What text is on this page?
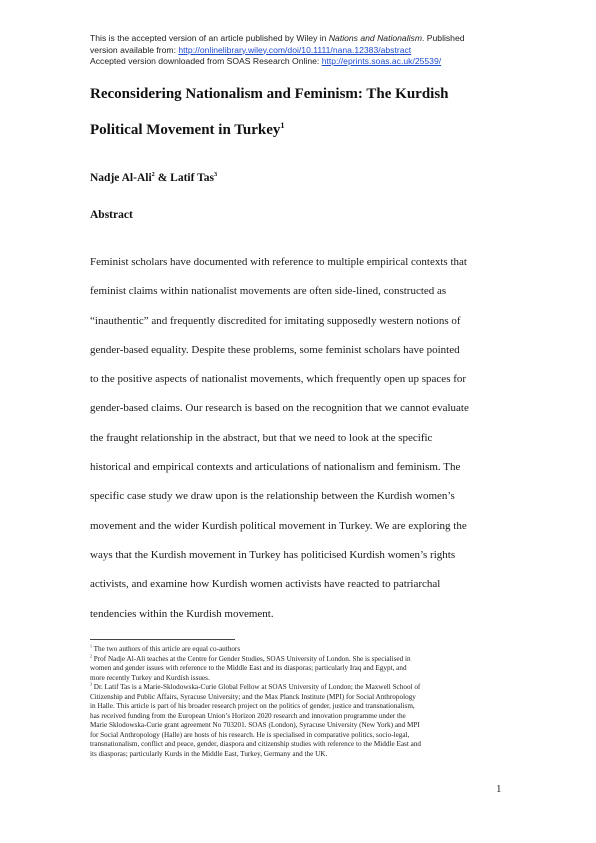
This is the accepted version of an article published by Wiley in Nations and Nationalism. Published
version available from: http://onlinelibrary.wiley.com/doi/10.1111/nana.12383/abstract
Accepted version downloaded from SOAS Research Online: http://eprints.soas.ac.uk/25539/
Reconsidering Nationalism and Feminism: The Kurdish
Political Movement in Turkey$^1$
Nadje Al-Ali$^2$ & Latif Tas$^3$
Abstract
Feminist scholars have documented with reference to multiple empirical contexts that
feminist claims within nationalist movements are often side-lined, constructed as
“inauthentic” and frequently discredited for imitating supposedly western notions of
gender-based equality. Despite these problems, some feminist scholars have pointed
to the positive aspects of nationalist movements, which frequently open up spaces for
gender-based claims. Our research is based on the recognition that we cannot evaluate
the fraught relationship in the abstract, but that we need to look at the specific
historical and empirical contexts and articulations of nationalism and feminism. The
specific case study we draw upon is the relationship between the Kurdish women’s
movement and the wider Kurdish political movement in Turkey. We are exploring the
ways that the Kurdish movement in Turkey has politicised Kurdish women’s rights
activists, and examine how Kurdish women activists have reacted to patriarchal
tendencies within the Kurdish movement.
$^1$ The two authors of this article are equal co-authors
$^2$ Prof Nadje Al-Ali teaches at the Centre for Gender Studies, SOAS University of London. She is specialised in
women and gender issues with reference to the Middle East and its diasporas; particularly Iraq and Egypt, and
more recently Turkey and Kurdish issues.
$^3$ Dr. Latif Tas is a Marie-Sklodowska-Curie Global Fellow at SOAS University of London; the Maxwell School of
Citizenship and Public Affairs, Syracuse University; and the Max Planck Institute (MPI) for Social Anthropology
in Halle. This article is part of his broader research project on the politics of gender, justice and transnationalism,
has received funding from the European Union’s Horizon 2020 research and innovation programme under the
Marie Sklodowska-Curie grant agreement No 703201. SOAS (London), Syracuse University (New York) and MPI
for Social Anthropology (Halle) are hosts of his research. He is specialised in comparative politics, socio-legal,
transnationalism, conflict and peace, gender, diaspora and citizenship studies with reference to the Middle East and
its diasporas; particularly Kurds in the Middle East, Turkey, Germany and the UK.
1
